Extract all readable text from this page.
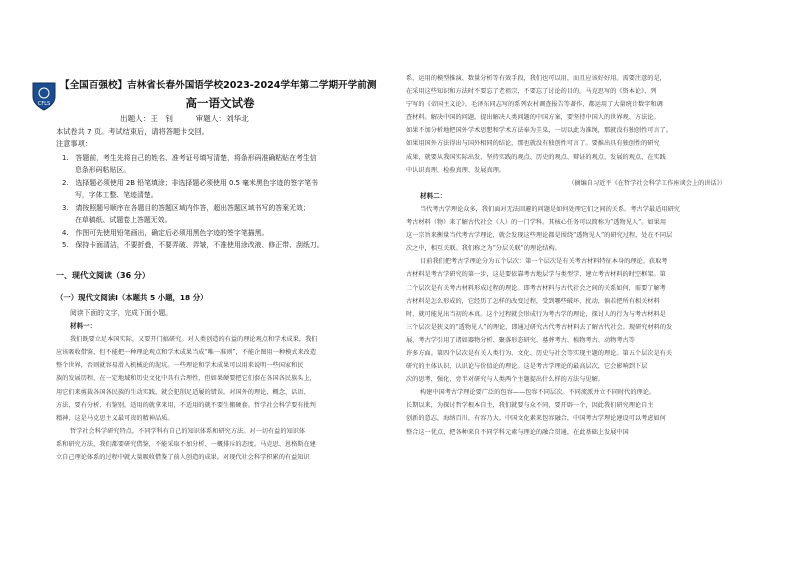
CFLS
【全国百强校】吉林省长春外国语学校2023-2024学年第二学期开学前测
高一语文试卷
出题人：王　钊	审题人：刘华北
本试卷共 7 页。考试结束后，请将答题卡交回。
注意事项：
1.　答题前，考生先将自己的姓名、准考证号填写清楚，将条形码准确粘贴在考生信
息条形码粘贴区。
2.　选择题必须使用 2B 铅笔填涂；非选择题必须使用 0.5 毫米黑色字迹的签字笔书
写，字体工整、笔迹清楚。
3.　请按照题号顺序在各题目的答题区域内作答，超出答题区域书写的答案无效；
在草稿纸、试题卷上答题无效。
4.　作图可先使用铅笔画出，确定后必须用黑色字迹的签字笔描黑。
5.　保持卡面清洁，不要折叠，不要弄破、弄皱，不准使用涂改液、修正带、刮纸刀。
一、现代文阅读（36 分）
（一）现代文阅读Ⅰ（本题共 5 小题，18 分）

阅读下面的文字，完成下面小题。

材料一：

我们既要立足本国实际，又要开门搞研究。对人类创造的有益的理论观点和学术成果，我们

应该吸收借鉴，但不能把一种理论观点和学术成果当成“唯一准则”，不能企图用一种模式来改造

整个世界，否则就容易滑入机械论的泥坑。一些理论和学术成果可以用来说明一些国家和民

族的发展历程，在一定地域和历史文化中具有合理性，但如果硬要把它们套在各国各民族头上，

用它们来剪裁各国各民族的生动实践，就会犯削足适履的错误。对国外的理论、概念、话语、

方法，要有分析、有鉴别，适用的就拿来用，不适用的就不要生搬硬套。哲学社会科学要有批判

精神，这是马克思主义最可贵的精神品质。

哲学社会科学研究特点，不同学科有自己的知识体系和研究方法。对一切有益的知识体

系和研究方法，我们都要研究借鉴，不能采取不加分析、一概排斥的态度。马克思、恩格斯在建

立自己理论体系的过程中就大量吸收借鉴了前人创造的成果。对现代社会科学积累的有益知识

系，运用的模型推演、数量分析等有效手段，我们也可以用，而且应该好好用。需要注意的是，

在采用这些知识和方法时不要忘了老祖宗，不要忘了讨论的目的。马克思写的《资本论》、列

宁写的《帝国主义论》、毛泽东同志写的系列农村调查报告等著作，都运用了大量统计数字和调

查材料。解决中国的问题，提出解决人类问题的中国方案，要坚持中国人的世界观、方法论。

如果不加分析地把国外学术思想和学术方法奉为圭臬，一切以此为准绳，那就没有独创性可言了。

如果用国外方法得出与国外相同的结论，那也就没有独创性可言了。要推出具有独创性的研究

成果，就要从我国实际出发，坚持实践的观点、历史的观点、辩证的观点、发展的观点，在实践

中认识真理、检验真理、发展真理。

（摘编自习近平《在哲学社会科学工作座谈会上的讲话》）

材料二：

当代考古学理论众多，我们面对无法回避的问题是如何处理它们之间的关系。考古学最适用研究

考古材料（物）来了解古代社会（人）的一门学科。其核心任务可以简称为“透物见人”。如果用

这一宗旨来衡量当代考古学理论，就会发现这些理论都是围绕“透物见人”的研究过程，处在不同层

次之中，相互关联。我们称之为“分层关联”的理论结构。

目前我们把考古学理论分为五个层次：第一个层次是有关考古材料特征本身的理论。获取考

古材料是考古学研究的第一步，这是要依靠考古地层学与类型学，建立考古材料的时空框架。第

二个层次是有关考古材料形成过程的理论。即考古材料与古代社会之间的关系如何，需要了解考

古材料是怎么形成的，它经历了怎样的改变过程，受到哪些破坏、扰动，倘若把所有相关材料

时，就可能见出当初的本真。这个过程就会形成行为考古学的理论，探讨人的行为与考古材料是

三个层次是狭义的“透物见人”的理论，即通过研究古代考古材料去了解古代社会。现研究材料的发

展，考古学引用了诸如器物分析、聚落形态研究、墓葬考古、植物考古、动物考古等

许多方面。第四个层次是有关人类行为、文化、历史与社会等实现主题的理论。第五个层次是有关

研究的主体认识、认识论与价值论的理论。这是考古学理论的最高层次，它会影响到下层

次的思考，强化，旁半对研究与人类两个主题提出什么样的方法与见解。

构建中国考古学理论要广泛的包容——包容不同层次。不同流派并立不同时代的理论。

长期以来，为探讨哲学根本自主，我们就要与众不同，要开辟一个，因此我们研究理论自主

创新的意志，海纳百川，有容乃大。中国文化素来包容融合，中国考古学理论建设可以考虑如何

整合这一优点，把各种来自不同学科元素与理论的融合贯通，在此基础上发展中国
